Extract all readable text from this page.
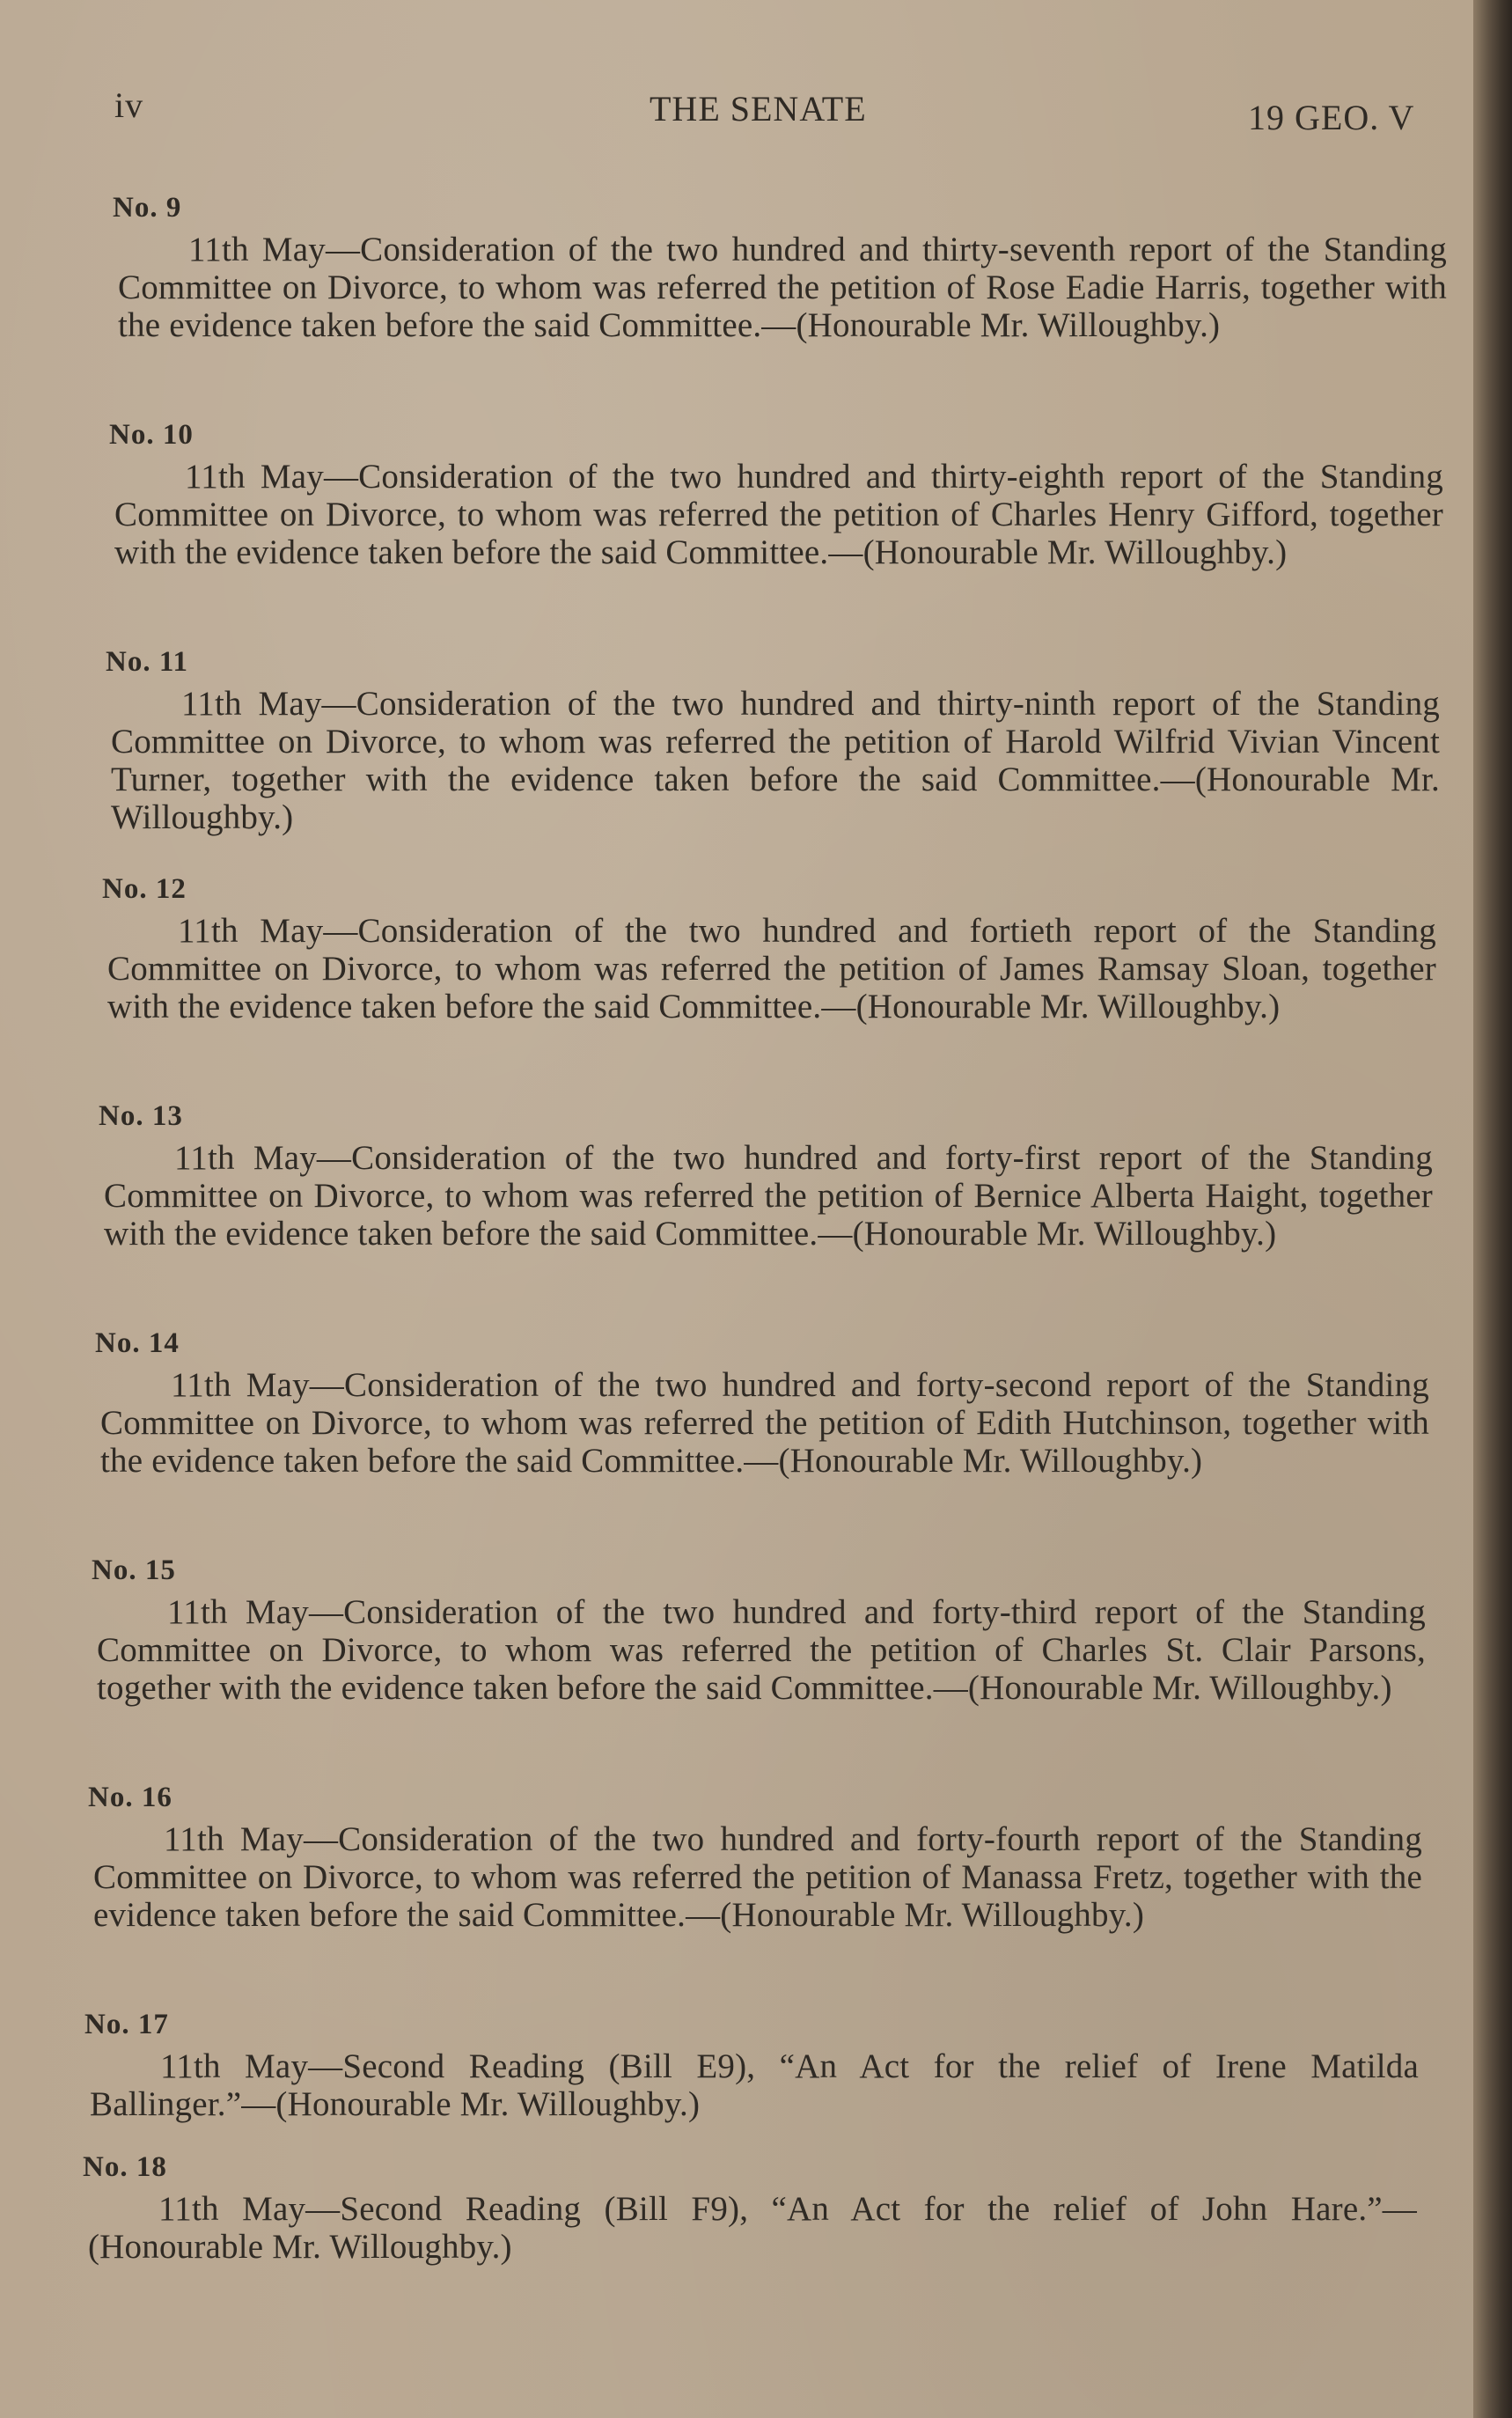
iv	THE SENATE	19 GEO. V
No. 9

11th May—Consideration of the two hundred and thirty-seventh report of the Standing Committee on Divorce, to whom was referred the petition of Rose Eadie Harris, together with the evidence taken before the said Committee.—(Honourable Mr. Willoughby.)

No. 10

11th May—Consideration of the two hundred and thirty-eighth report of the Standing Committee on Divorce, to whom was referred the petition of Charles Henry Gifford, together with the evidence taken before the said Committee.—(Honourable Mr. Willoughby.)

No. 11

11th May—Consideration of the two hundred and thirty-ninth report of the Standing Committee on Divorce, to whom was referred the petition of Harold Wilfrid Vivian Vincent Turner, together with the evidence taken before the said Committee.—(Honourable Mr. Willoughby.)

No. 12

11th May—Consideration of the two hundred and fortieth report of the Standing Committee on Divorce, to whom was referred the petition of James Ramsay Sloan, together with the evidence taken before the said Committee.—(Honourable Mr. Willoughby.)

No. 13

11th May—Consideration of the two hundred and forty-first report of the Standing Committee on Divorce, to whom was referred the petition of Bernice Alberta Haight, together with the evidence taken before the said Committee.—(Honourable Mr. Willoughby.)

No. 14

11th May—Consideration of the two hundred and forty-second report of the Standing Committee on Divorce, to whom was referred the petition of Edith Hutchinson, together with the evidence taken before the said Committee.—(Honourable Mr. Willoughby.)

No. 15

11th May—Consideration of the two hundred and forty-third report of the Standing Committee on Divorce, to whom was referred the petition of Charles St. Clair Parsons, together with the evidence taken before the said Committee.—(Honourable Mr. Willoughby.)

No. 16

11th May—Consideration of the two hundred and forty-fourth report of the Standing Committee on Divorce, to whom was referred the petition of Manassa Fretz, together with the evidence taken before the said Committee.—(Honourable Mr. Willoughby.)

No. 17

11th May—Second Reading (Bill E9), “An Act for the relief of Irene Matilda Ballinger.”—(Honourable Mr. Willoughby.)

No. 18

11th May—Second Reading (Bill F9), “An Act for the relief of John Hare.”—(Honourable Mr. Willoughby.)
